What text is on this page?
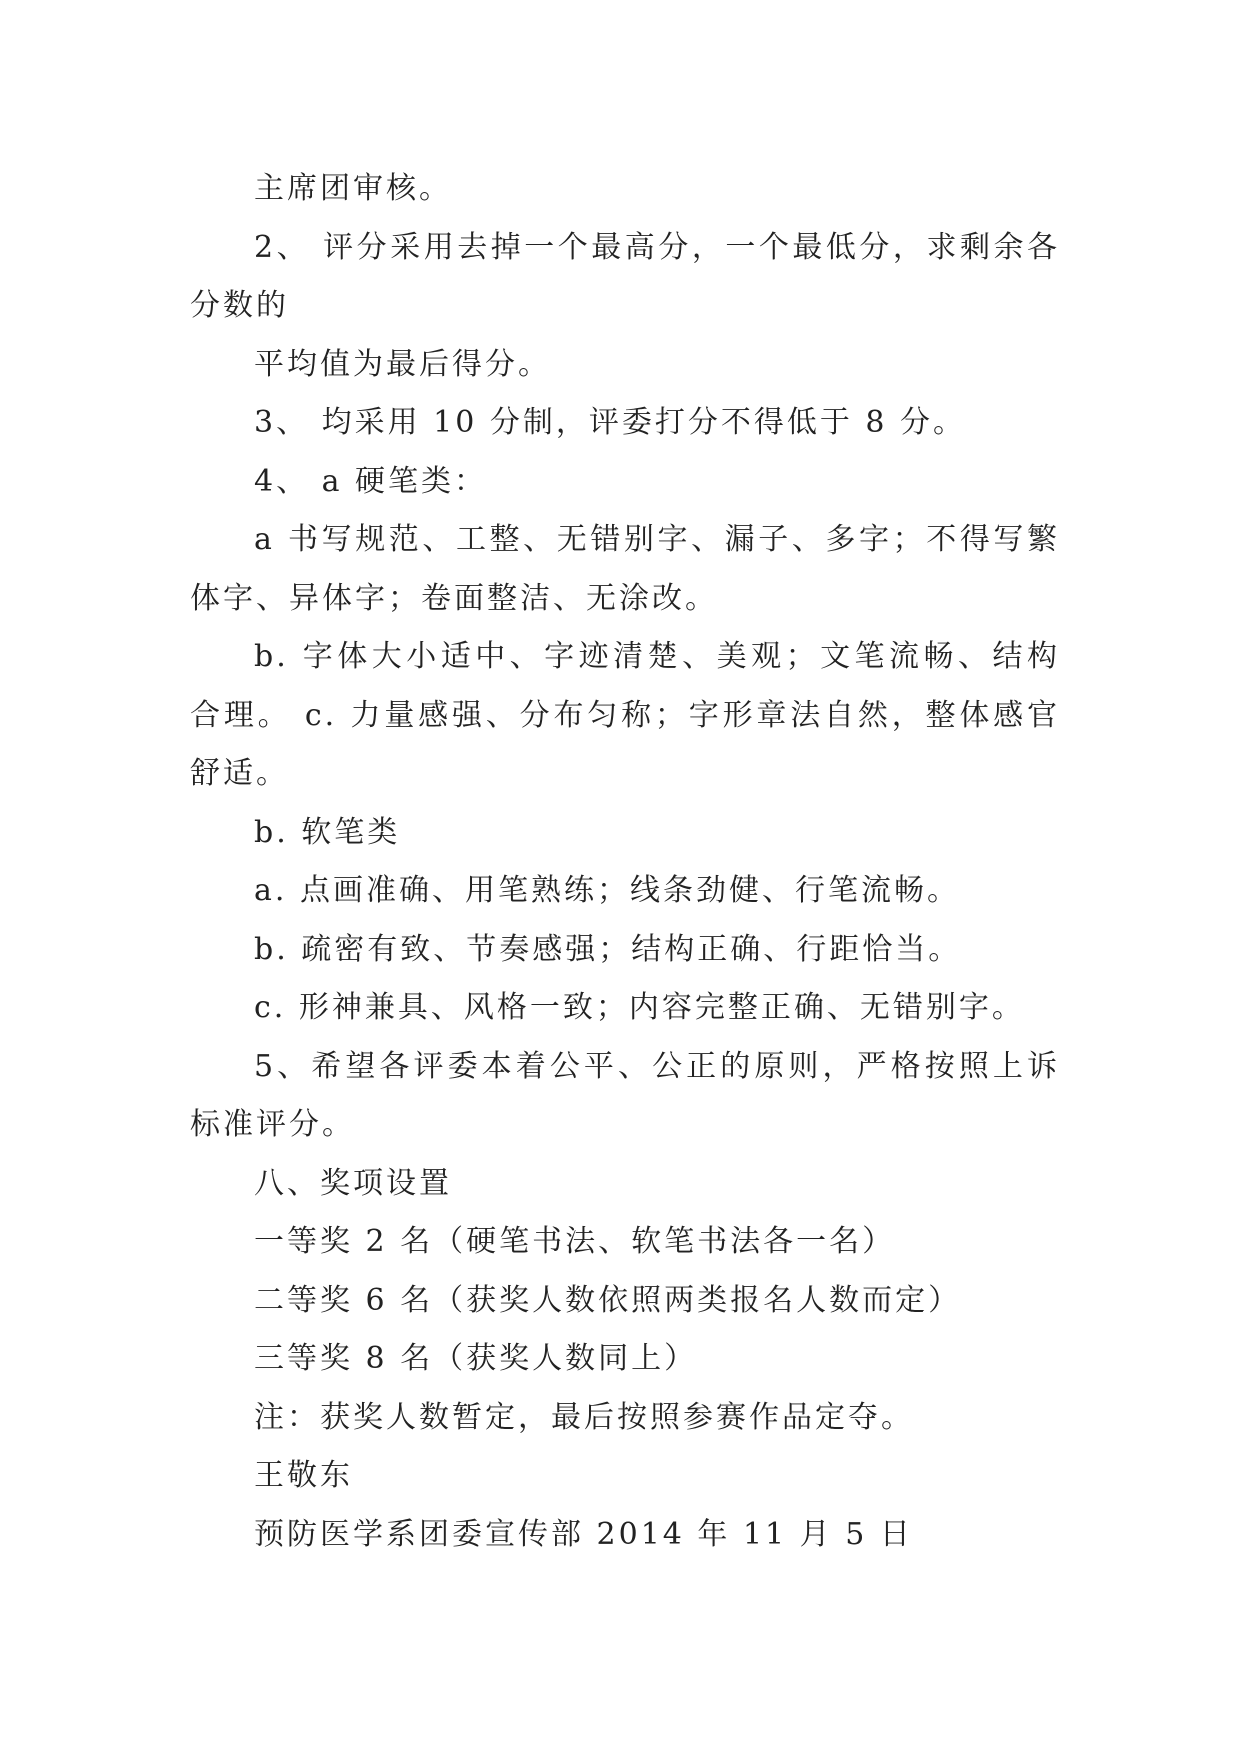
主席团审核。

2、 评分采用去掉一个最高分，一个最低分，求剩余各分数的

平均值为最后得分。

3、 均采用 10 分制，评委打分不得低于 8 分。

4、 a 硬笔类：

a 书写规范、工整、无错别字、漏子、多字；不得写繁体字、异体字；卷面整洁、无涂改。

b. 字体大小适中、字迹清楚、美观；文笔流畅、结构合理。 c. 力量感强、分布匀称；字形章法自然，整体感官舒适。

b. 软笔类

a. 点画准确、用笔熟练；线条劲健、行笔流畅。

b. 疏密有致、节奏感强；结构正确、行距恰当。

c. 形神兼具、风格一致；内容完整正确、无错别字。

5、希望各评委本着公平、公正的原则，严格按照上诉标准评分。

八、奖项设置

一等奖 2 名（硬笔书法、软笔书法各一名）

二等奖 6 名（获奖人数依照两类报名人数而定）

三等奖 8 名（获奖人数同上）

注：获奖人数暂定，最后按照参赛作品定夺。

王敬东

预防医学系团委宣传部 2014 年 11 月 5 日
